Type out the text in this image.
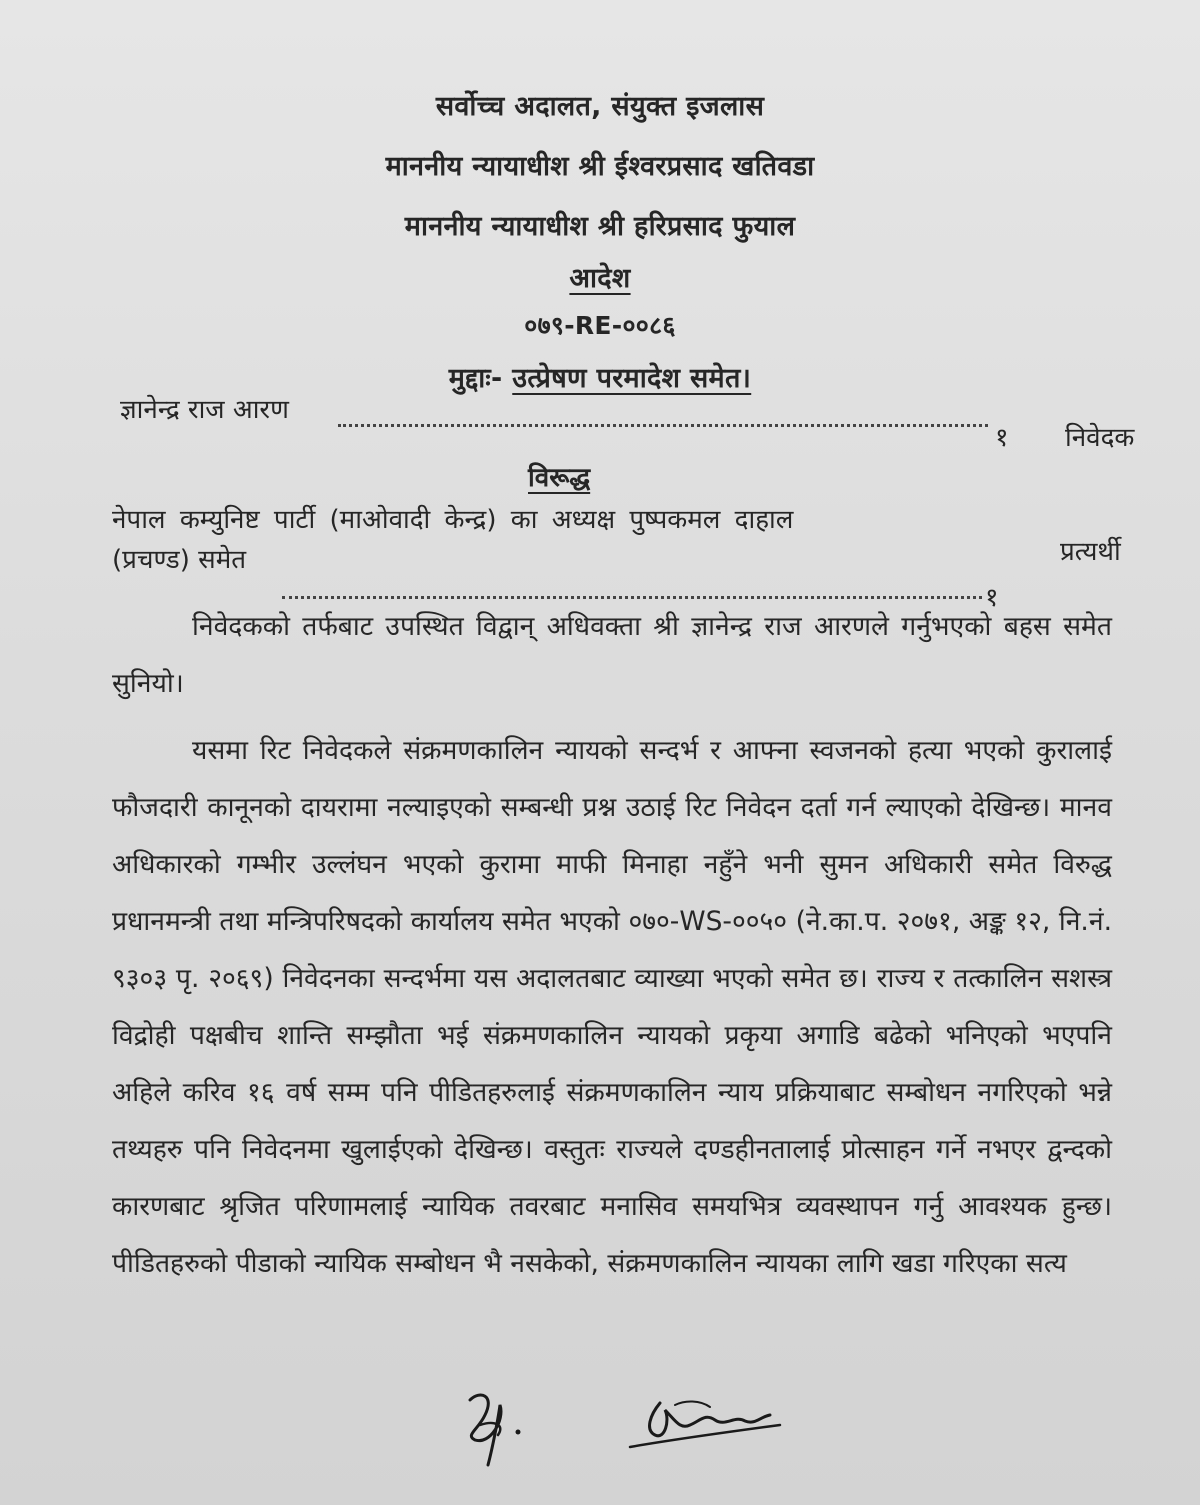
सर्वोच्च अदालत, संयुक्त इजलास
माननीय न्यायाधीश श्री ईश्वरप्रसाद खतिवडा
माननीय न्यायाधीश श्री हरिप्रसाद फुयाल
आदेश
०७९-RE-००८६
मुद्दाः- उत्प्रेषण परमादेश समेत।
ज्ञानेन्द्र राज आरण
१ निवेदक
विरूद्ध
नेपाल कम्युनिष्ट पार्टी (माओवादी केन्द्र) का अध्यक्ष पुष्पकमल दाहाल
प्रत्यर्थी
(प्रचण्ड) समेत
१
निवेदकको तर्फबाट उपस्थित विद्वान् अधिवक्ता श्री ज्ञानेन्द्र राज आरणले गर्नुभएको बहस समेत सुनियो।
यसमा रिट निवेदकले संक्रमणकालिन न्यायको सन्दर्भ र आफ्ना स्वजनको हत्या भएको कुरालाई फौजदारी कानूनको दायरामा नल्याइएको सम्बन्धी प्रश्न उठाई रिट निवेदन दर्ता गर्न ल्याएको देखिन्छ। मानव अधिकारको गम्भीर उल्लंघन भएको कुरामा माफी मिनाहा नहुँने भनी सुमन अधिकारी समेत विरुद्ध प्रधानमन्त्री तथा मन्त्रिपरिषदको कार्यालय समेत भएको ०७०-WS-००५० (ने.का.प. २०७१, अङ्क १२, नि.नं. ९३०३ पृ. २०६९) निवेदनका सन्दर्भमा यस अदालतबाट व्याख्या भएको समेत छ। राज्य र तत्कालिन सशस्त्र विद्रोही पक्षबीच शान्ति सम्झौता भई संक्रमणकालिन न्यायको प्रकृया अगाडि बढेको भनिएको भएपनि अहिले करिव १६ वर्ष सम्म पनि पीडितहरुलाई संक्रमणकालिन न्याय प्रक्रियाबाट सम्बोधन नगरिएको भन्ने तथ्यहरु पनि निवेदनमा खुलाईएको देखिन्छ। वस्तुतः राज्यले दण्डहीनतालाई प्रोत्साहन गर्ने नभएर द्वन्दको कारणबाट श्रृजित परिणामलाई न्यायिक तवरबाट मनासिव समयभित्र व्यवस्थापन गर्नु आवश्यक हुन्छ। पीडितहरुको पीडाको न्यायिक सम्बोधन भै नसकेको, संक्रमणकालिन न्यायका लागि खडा गरिएका सत्य
